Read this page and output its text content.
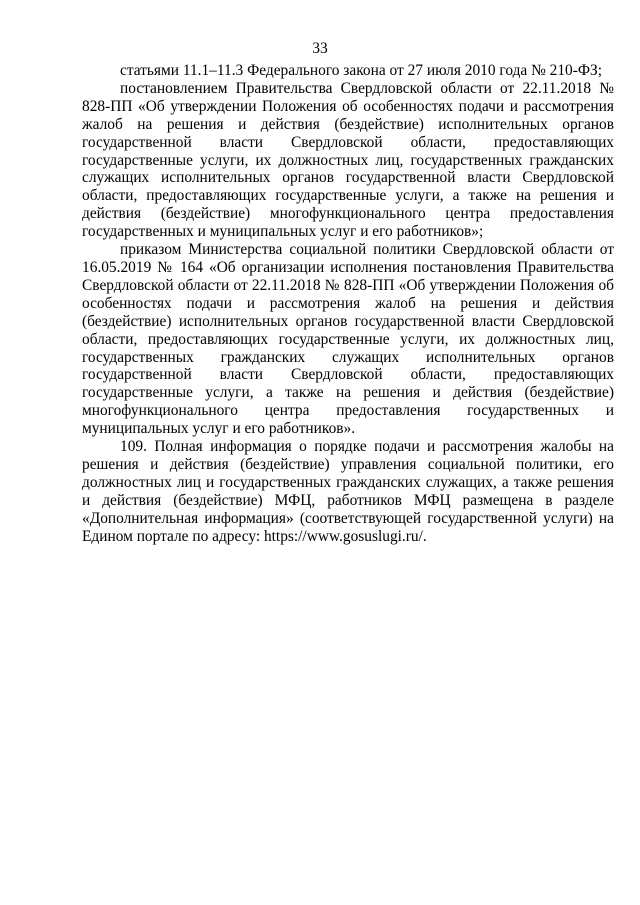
33

статьями 11.1–11.3 Федерального закона от 27 июля 2010 года № 210-ФЗ;

постановлением Правительства Свердловской области от 22.11.2018 № 828-ПП «Об утверждении Положения об особенностях подачи и рассмотрения жалоб на решения и действия (бездействие) исполнительных органов государственной власти Свердловской области, предоставляющих государственные услуги, их должностных лиц, государственных гражданских служащих исполнительных органов государственной власти Свердловской области, предоставляющих государственные услуги, а также на решения и действия (бездействие) многофункционального центра предоставления государственных и муниципальных услуг и его работников»;

приказом Министерства социальной политики Свердловской области от 16.05.2019 № 164 «Об организации исполнения постановления Правительства Свердловской области от 22.11.2018 № 828-ПП «Об утверждении Положения об особенностях подачи и рассмотрения жалоб на решения и действия (бездействие) исполнительных органов государственной власти Свердловской области, предоставляющих государственные услуги, их должностных лиц, государственных гражданских служащих исполнительных органов государственной власти Свердловской области, предоставляющих государственные услуги, а также на решения и действия (бездействие) многофункционального центра предоставления государственных и муниципальных услуг и его работников».

109. Полная информация о порядке подачи и рассмотрения жалобы на решения и действия (бездействие) управления социальной политики, его должностных лиц и государственных гражданских служащих, а также решения и действия (бездействие) МФЦ, работников МФЦ размещена в разделе «Дополнительная информация» (соответствующей государственной услуги) на Едином портале по адресу: https://www.gosuslugi.ru/.
